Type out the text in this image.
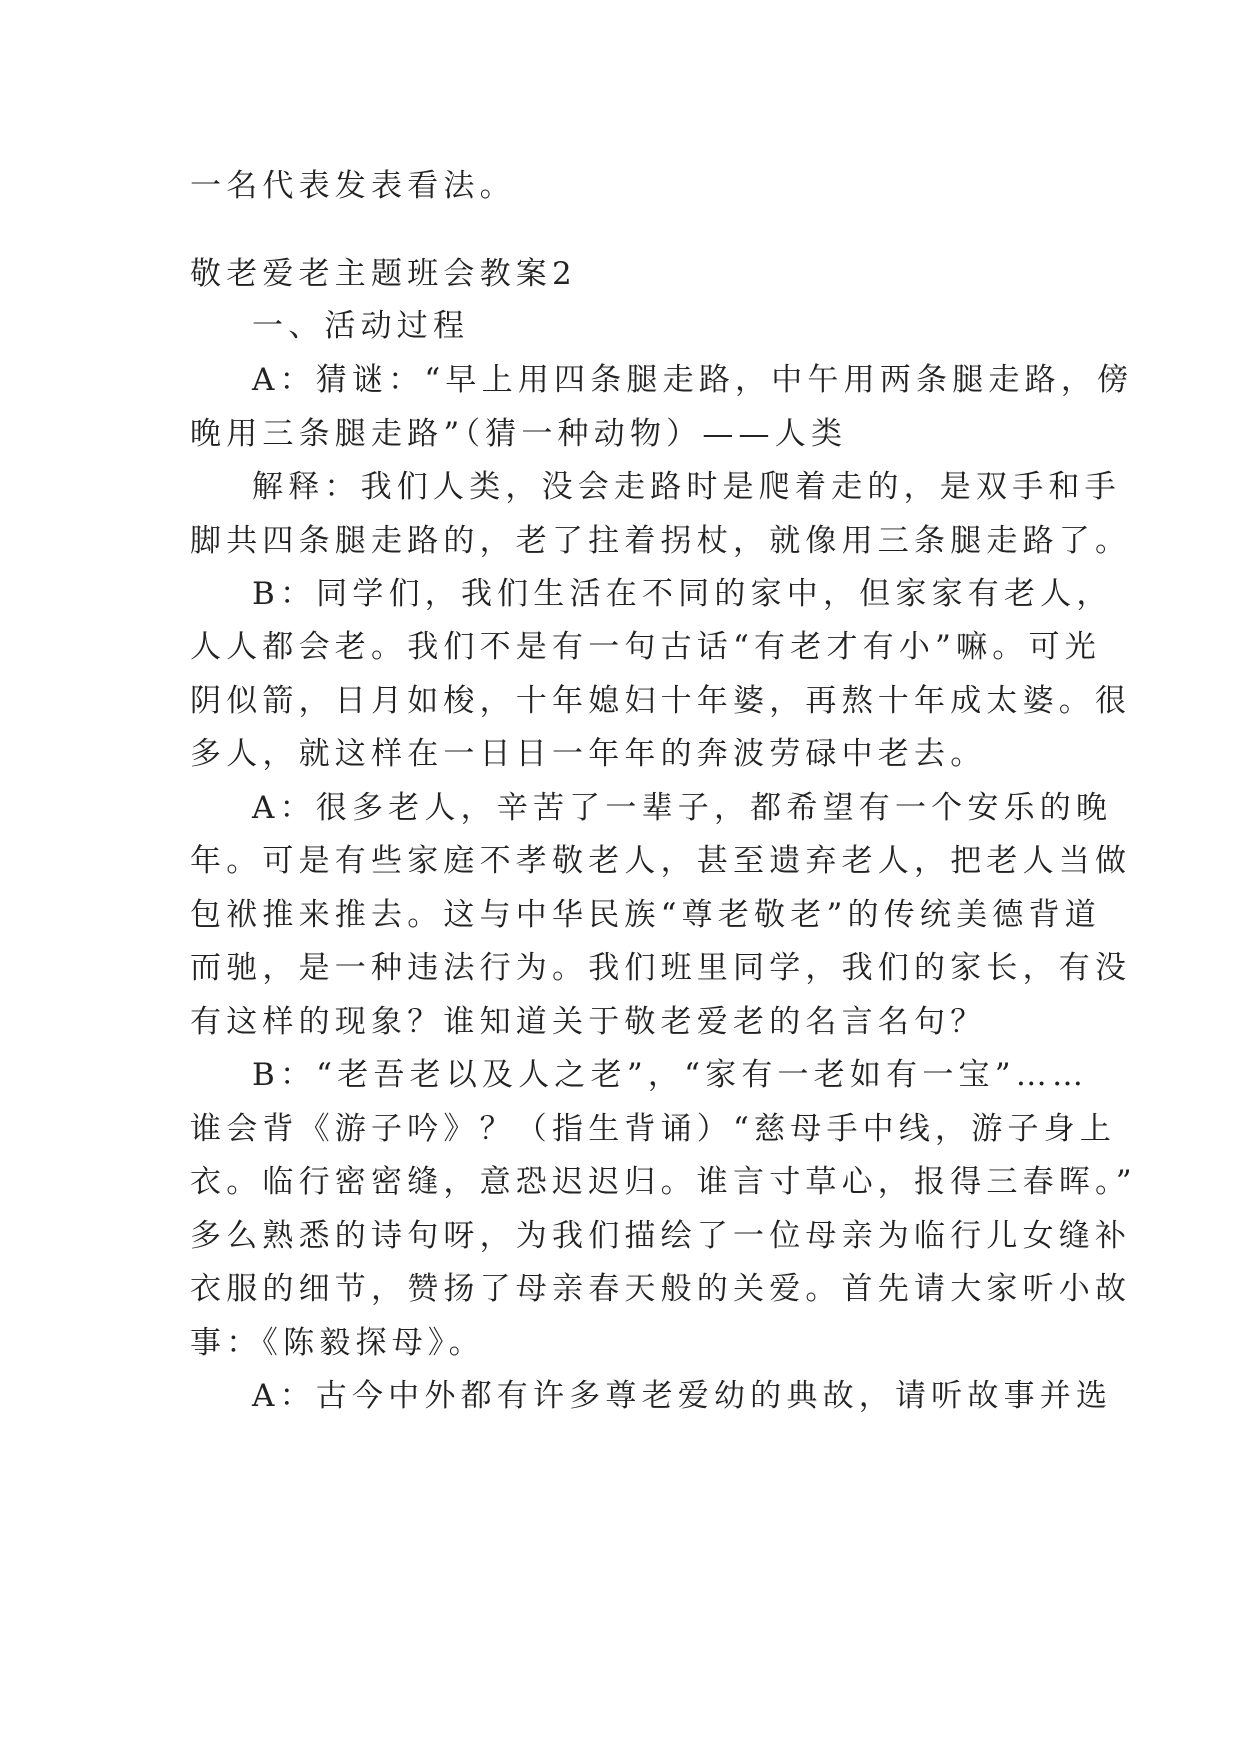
一名代表发表看法。
敬老爱老主题班会教案2
一、活动过程
A：猜谜：“早上用四条腿走路，中午用两条腿走路，傍
晚用三条腿走路”（猜一种动物）——人类
解释：我们人类，没会走路时是爬着走的，是双手和手
脚共四条腿走路的，老了拄着拐杖，就像用三条腿走路了。
B：同学们，我们生活在不同的家中，但家家有老人，
人人都会老。我们不是有一句古话“有老才有小”嘛。可光
阴似箭，日月如梭，十年媳妇十年婆，再熬十年成太婆。很
多人，就这样在一日日一年年的奔波劳碌中老去。
A：很多老人，辛苦了一辈子，都希望有一个安乐的晚
年。可是有些家庭不孝敬老人，甚至遗弃老人，把老人当做
包袱推来推去。这与中华民族“尊老敬老”的传统美德背道
而驰，是一种违法行为。我们班里同学，我们的家长，有没
有这样的现象？谁知道关于敬老爱老的名言名句？
B：“老吾老以及人之老”，“家有一老如有一宝”……
谁会背《游子吟》？（指生背诵）“慈母手中线，游子身上
衣。临行密密缝，意恐迟迟归。谁言寸草心，报得三春晖。”
多么熟悉的诗句呀，为我们描绘了一位母亲为临行儿女缝补
衣服的细节，赞扬了母亲春天般的关爱。首先请大家听小故
事：《陈毅探母》。
A：古今中外都有许多尊老爱幼的典故，请听故事并选
